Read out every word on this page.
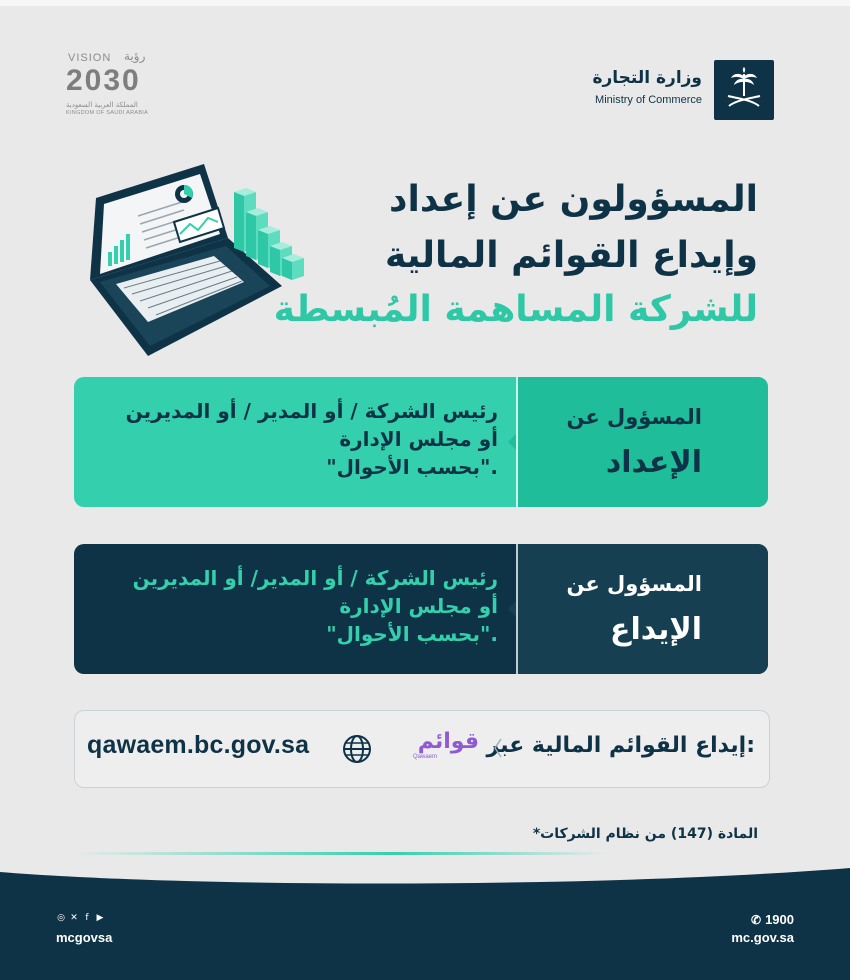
VISION رؤية
2030
المملكة العربية السعودية
KINGDOM OF SAUDI ARABIA
وزارة التجارة
Ministry of Commerce
المسؤولون عن إعداد
وإيداع القوائم المالية
للشركة المساهمة المُبسطة
المسؤول عن
الإعداد
رئيس الشركة / أو المدير / أو المديرين
أو مجلس الإدارة
"بحسب الأحوال".
المسؤول عن
الإيداع
رئيس الشركة / أو المدير/ أو المديرين
أو مجلس الإدارة
"بحسب الأحوال".
إيداع القوائم المالية عبر:
قوائم
Qawaem
qawaem.bc.gov.sa
*المادة (147) من نظام الشركات
◎ ✕ f ▶
mcgovsa
✆ 1900
mc.gov.sa
